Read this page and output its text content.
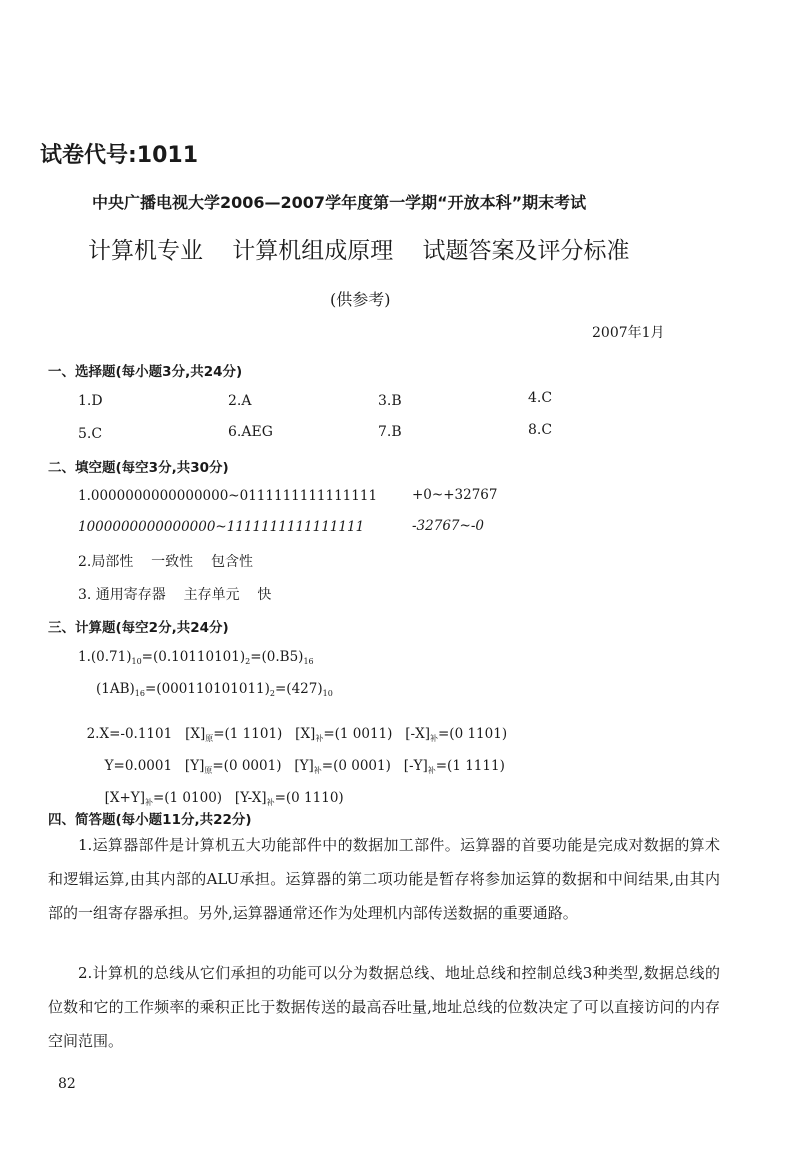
试卷代号:1011
中央广播电视大学2006—2007学年度第一学期“开放本科”期末考试
计算机专业    计算机组成原理    试题答案及评分标准
(供参考)
2007年1月
一、选择题(每小题3分,共24分)
1.D	2.A	3.B	4.C
5.C	6.AEG	7.B	8.C
二、填空题(每空3分,共30分)
1.0000000000000000~0111111111111111	+0~+32767
1000000000000000~1111111111111111	-32767~-0
2.局部性    一致性    包含性
3. 通用寄存器    主存单元    快
三、计算题(每空2分,共24分)
$1.(0.71)_{10}=(0.10110101)_2=(0.B5)_{16}$
$(1AB)_{16}=(000110101011)_2=(427)_{10}$

2.X=-0.1101   $[X]_原=(1$ 1101)   $[X]_补=(1$ 0011)   $[-X]_补=(0$ 1101)

Y=0.0001   $[Y]_原=(0$ 0001)   $[Y]_补=(0$ 0001)   $[-Y]_补=(1$ 1111)

$[X+Y]_补=(1$ 0100)   $[Y-X]_补=(0$ 1110)

四、简答题(每小题11分,共22分)
1.运算器部件是计算机五大功能部件中的数据加工部件。运算器的首要功能是完成对数据的算术和逻辑运算,由其内部的ALU承担。运算器的第二项功能是暂存将参加运算的数据和中间结果,由其内部的一组寄存器承担。另外,运算器通常还作为处理机内部传送数据的重要通路。
2.计算机的总线从它们承担的功能可以分为数据总线、地址总线和控制总线3种类型,数据总线的位数和它的工作频率的乘积正比于数据传送的最高吞吐量,地址总线的位数决定了可以直接访问的内存空间范围。
82
